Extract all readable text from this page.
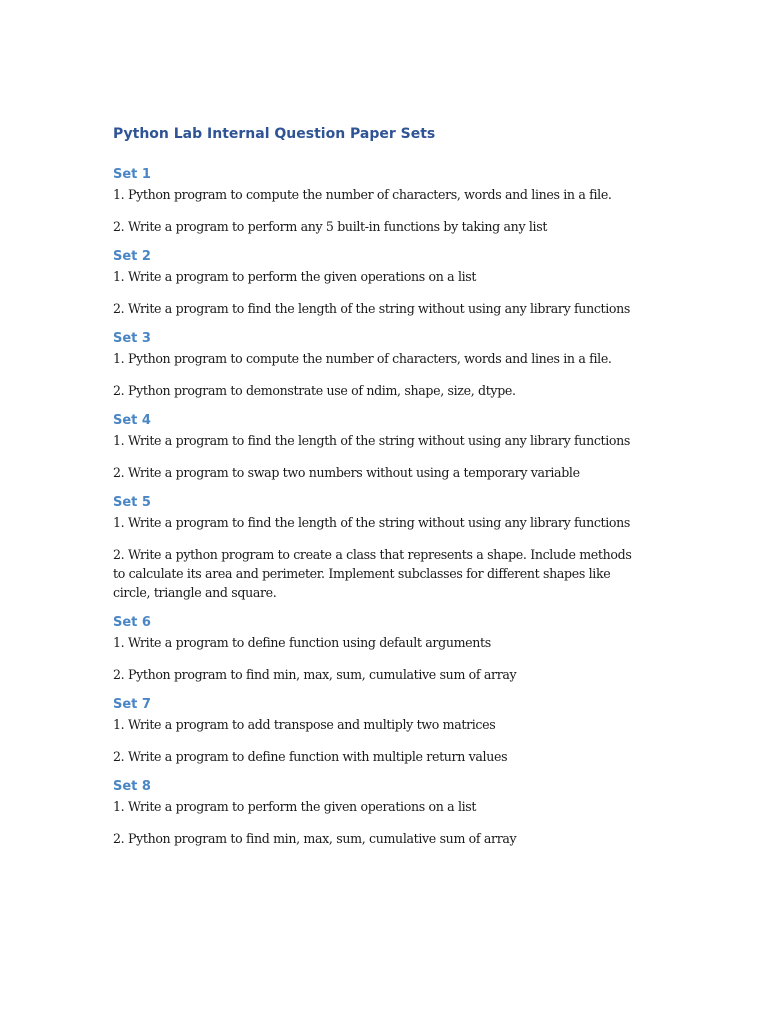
Python Lab Internal Question Paper Sets
Set 1

1. Python program to compute the number of characters, words and lines in a file.

2. Write a program to perform any 5 built-in functions by taking any list

Set 2

1. Write a program to perform the given operations on a list

2. Write a program to find the length of the string without using any library functions

Set 3

1. Python program to compute the number of characters, words and lines in a file.

2. Python program to demonstrate use of ndim, shape, size, dtype.

Set 4

1. Write a program to find the length of the string without using any library functions

2. Write a program to swap two numbers without using a temporary variable

Set 5

1. Write a program to find the length of the string without using any library functions

2. Write a python program to create a class that represents a shape. Include methods to calculate its area and perimeter. Implement subclasses for different shapes like circle, triangle and square.

Set 6

1. Write a program to define function using default arguments

2. Python program to find min, max, sum, cumulative sum of array

Set 7

1. Write a program to add transpose and multiply two matrices

2. Write a program to define function with multiple return values

Set 8

1. Write a program to perform the given operations on a list

2. Python program to find min, max, sum, cumulative sum of array
